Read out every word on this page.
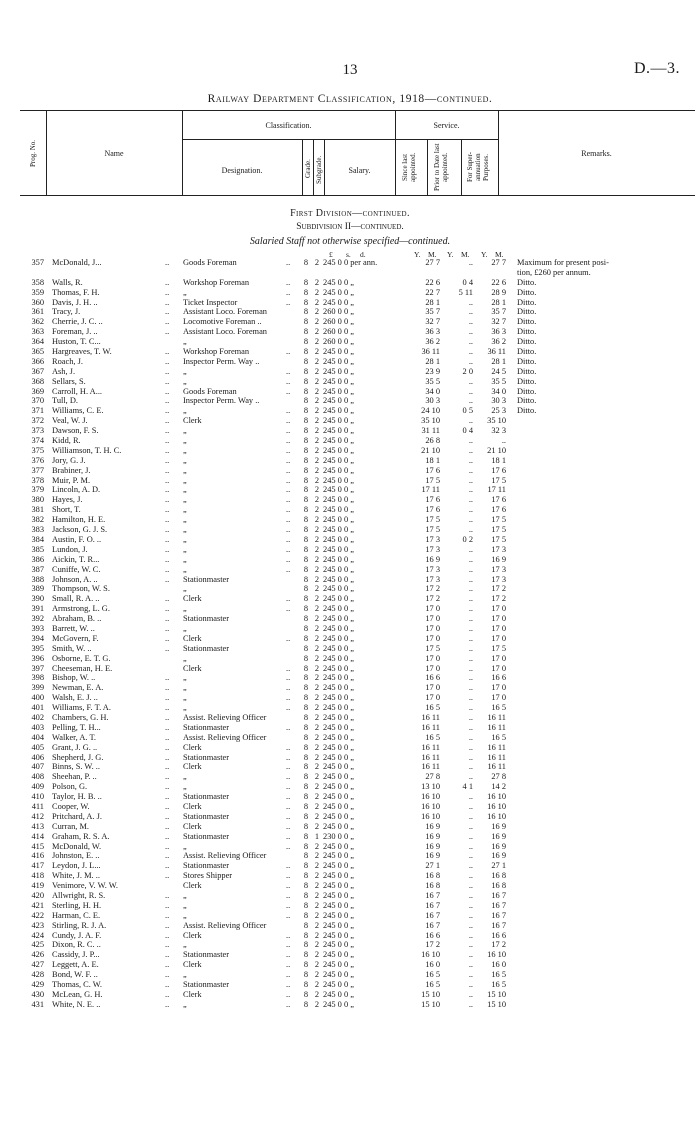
13	D.—3.
Railway Department Classification, 1918—continued.
Prog. No.	Name
Classification.
Designation.	Grade. Subgrade.	Salary.
Service.
Since last appointed.	Prior to Date last appointed.	For Super-annuation Purposes.	Remarks.
First Division—continued.
Subdivision II—continued.
Salaried Staff not otherwise specified—continued.
£ s. d.	Y. M. Y. M. Y. M.
357 McDonald, J...	..	Goods Foreman	..	8 2 245 0 0 per ann.	27 7	..	27 7 Maximum for present posi-
tion, £260 per annum.
358 Walls, R.	..	Workshop Foreman	..	8 2 245 0 0 „	22 6	0 4	22 6 Ditto.
359 Thomas, F. H.	..	„	..	8 2 245 0 0 „	22 7	5 11	28 9 Ditto.
360 Davis, J. H. ..	..	Ticket Inspector	..	8 2 245 0 0 „	28 1	..	28 1 Ditto.
361 Tracy, J.	..	Assistant Loco. Foreman	8 2 260 0 0 „	35 7	..	35 7 Ditto.
362 Cherrie, J. C. ..	..	Locomotive Foreman ..	8 2 260 0 0 „	32 7	..	32 7 Ditto.
363 Foreman, J. ..	..	Assistant Loco. Foreman	8 2 260 0 0 „	36 3	..	36 3 Ditto.
364 Huston, T. C...	„	8 2 260 0 0 „	36 2	..	36 2 Ditto.
365 Hargreaves, T. W.	..	Workshop Foreman	..	8 2 245 0 0 „	36 11	..	36 11 Ditto.
366 Roach, J.	..	Inspector Perm. Way ..	8 2 245 0 0 „	28 1	..	28 1 Ditto.
367 Ash, J.	..	„	..	8 2 245 0 0 „	23 9	2 0	24 5 Ditto.
368 Sellars, S.	..	„	..	8 2 245 0 0 „	35 5	..	35 5 Ditto.
369 Carroll, H. A...	..	Goods Foreman	..	8 2 245 0 0 „	34 0	..	34 0 Ditto.
370 Tull, D.	..	Inspector Perm. Way ..	8 2 245 0 0 „	30 3	..	30 3 Ditto.
371 Williams, C. E.	..	„	..	8 2 245 0 0 „	24 10	0 5	25 3 Ditto.
372 Veal, W. J.	..	Clerk	..	8 2 245 0 0 „	35 10	..	35 10
373 Dawson, F. S.	..	„	..	8 2 245 0 0 „	31 11	0 4	32 3
374 Kidd, R.	..	„	..	8 2 245 0 0 „	26 8	..	..
375 Williamson, T. H. C.	..	„	..	8 2 245 0 0 „	21 10	..	21 10
376 Jory, G. J.	..	„	..	8 2 245 0 0 „	18 1	..	18 1
377 Brabiner, J.	..	„	..	8 2 245 0 0 „	17 6	..	17 6
378 Muir, P. M.	..	„	..	8 2 245 0 0 „	17 5	..	17 5
379 Lincoln, A. D.	..	„	..	8 2 245 0 0 „	17 11	..	17 11
380 Hayes, J.	..	„	..	8 2 245 0 0 „	17 6	..	17 6
381 Short, T.	..	„	..	8 2 245 0 0 „	17 6	..	17 6
382 Hamilton, H. E.	..	„	..	8 2 245 0 0 „	17 5	..	17 5
383 Jackson, G. J. S.	..	„	..	8 2 245 0 0 „	17 5	..	17 5
384 Austin, F. O. ..	..	„	..	8 2 245 0 0 „	17 3	0 2	17 5
385 Lundon, J.	..	„	..	8 2 245 0 0 „	17 3	..	17 3
386 Aickin, T. R...	..	„	..	8 2 245 0 0 „	16 9	..	16 9
387 Cuniffe, W. C.	..	„	..	8 2 245 0 0 „	17 3	..	17 3
388 Johnson, A. ..	..	Stationmaster	8 2 245 0 0 „	17 3	..	17 3
389 Thompson, W. S.	„	8 2 245 0 0 „	17 2	..	17 2
390 Small, R. A. ..	..	Clerk	..	8 2 245 0 0 „	17 2	..	17 2
391 Armstrong, L. G.	..	„	..	8 2 245 0 0 „	17 0	..	17 0
392 Abraham, B. ..	..	Stationmaster	8 2 245 0 0 „	17 0	..	17 0
393 Barrett, W. ..	..	„	8 2 245 0 0 „	17 0	..	17 0
394 McGovern, F.	..	Clerk	..	8 2 245 0 0 „	17 0	..	17 0
395 Smith, W. ..	..	Stationmaster	8 2 245 0 0 „	17 5	..	17 5
396 Osborne, E. T. G.	„	8 2 245 0 0 „	17 0	..	17 0
397 Cheeseman, H. E.	Clerk	..	8 2 245 0 0 „	17 0	..	17 0
398 Bishop, W. ..	..	„	..	8 2 245 0 0 „	16 6	..	16 6
399 Newman, E. A.	..	„	..	8 2 245 0 0 „	17 0	..	17 0
400 Walsh, E. J. ..	..	„	..	8 2 245 0 0 „	17 0	..	17 0
401 Williams, F. T. A.	..	„	..	8 2 245 0 0 „	16 5	..	16 5
402 Chambers, G. H.	..	Assist. Relieving Officer	8 2 245 0 0 „	16 11	..	16 11
403 Pelling, T. H...	..	Stationmaster	..	8 2 245 0 0 „	16 11	..	16 11
404 Walker, A. T.	..	Assist. Relieving Officer	8 2 245 0 0 „	16 5	..	16 5
405 Grant, J. G. ..	..	Clerk	..	8 2 245 0 0 „	16 11	..	16 11
406 Shepherd, J. G.	..	Stationmaster	..	8 2 245 0 0 „	16 11	..	16 11
407 Binns, S. W. ..	..	Clerk	..	8 2 245 0 0 „	16 11	..	16 11
408 Sheehan, P. ..	..	„	..	8 2 245 0 0 „	27 8	..	27 8
409 Polson, G.	..	„	..	8 2 245 0 0 „	13 10	4 1	14 2
410 Taylor, H. B. ..	..	Stationmaster	..	8 2 245 0 0 „	16 10	..	16 10
411 Cooper, W.	..	Clerk	..	8 2 245 0 0 „	16 10	..	16 10
412 Pritchard, A. J.	..	Stationmaster	..	8 2 245 0 0 „	16 10	..	16 10
413 Curran, M.	..	Clerk	..	8 2 245 0 0 „	16 9	..	16 9
414 Graham, R. S. A.	..	Stationmaster	..	8 1 230 0 0 „	16 9	..	16 9
415 McDonald, W.	..	„	..	8 2 245 0 0 „	16 9	..	16 9
416 Johnston, E. ..	..	Assist. Relieving Officer	8 2 245 0 0 „	16 9	..	16 9
417 Leydon, J. L...	..	Stationmaster	..	8 2 245 0 0 „	27 1	..	27 1
418 White, J. M. ..	..	Stores Shipper	..	8 2 245 0 0 „	16 8	..	16 8
419 Venimore, V. W. W.	Clerk	..	8 2 245 0 0 „	16 8	..	16 8
420 Allwright, R. S.	..	„	..	8 2 245 0 0 „	16 7	..	16 7
421 Sterling, H. H.	..	„	..	8 2 245 0 0 „	16 7	..	16 7
422 Harman, C. E.	..	„	..	8 2 245 0 0 „	16 7	..	16 7
423 Stirling, R. J. A.	..	Assist. Relieving Officer	8 2 245 0 0 „	16 7	..	16 7
424 Cundy, J. A. F.	..	Clerk	..	8 2 245 0 0 „	16 6	..	16 6
425 Dixon, R. C. ..	..	„	..	8 2 245 0 0 „	17 2	..	17 2
426 Cassidy, J. P...	..	Stationmaster	..	8 2 245 0 0 „	16 10	..	16 10
427 Leggett, A. E.	..	Clerk	..	8 2 245 0 0 „	16 0	..	16 0
428 Bond, W. F. ..	..	„	..	8 2 245 0 0 „	16 5	..	16 5
429 Thomas, C. W.	..	Stationmaster	..	8 2 245 0 0 „	16 5	..	16 5
430 McLean, G. H.	..	Clerk	..	8 2 245 0 0 „	15 10	..	15 10
431 White, N. E. ..	..	„	..	8 2 245 0 0 „	15 10	..	15 10
